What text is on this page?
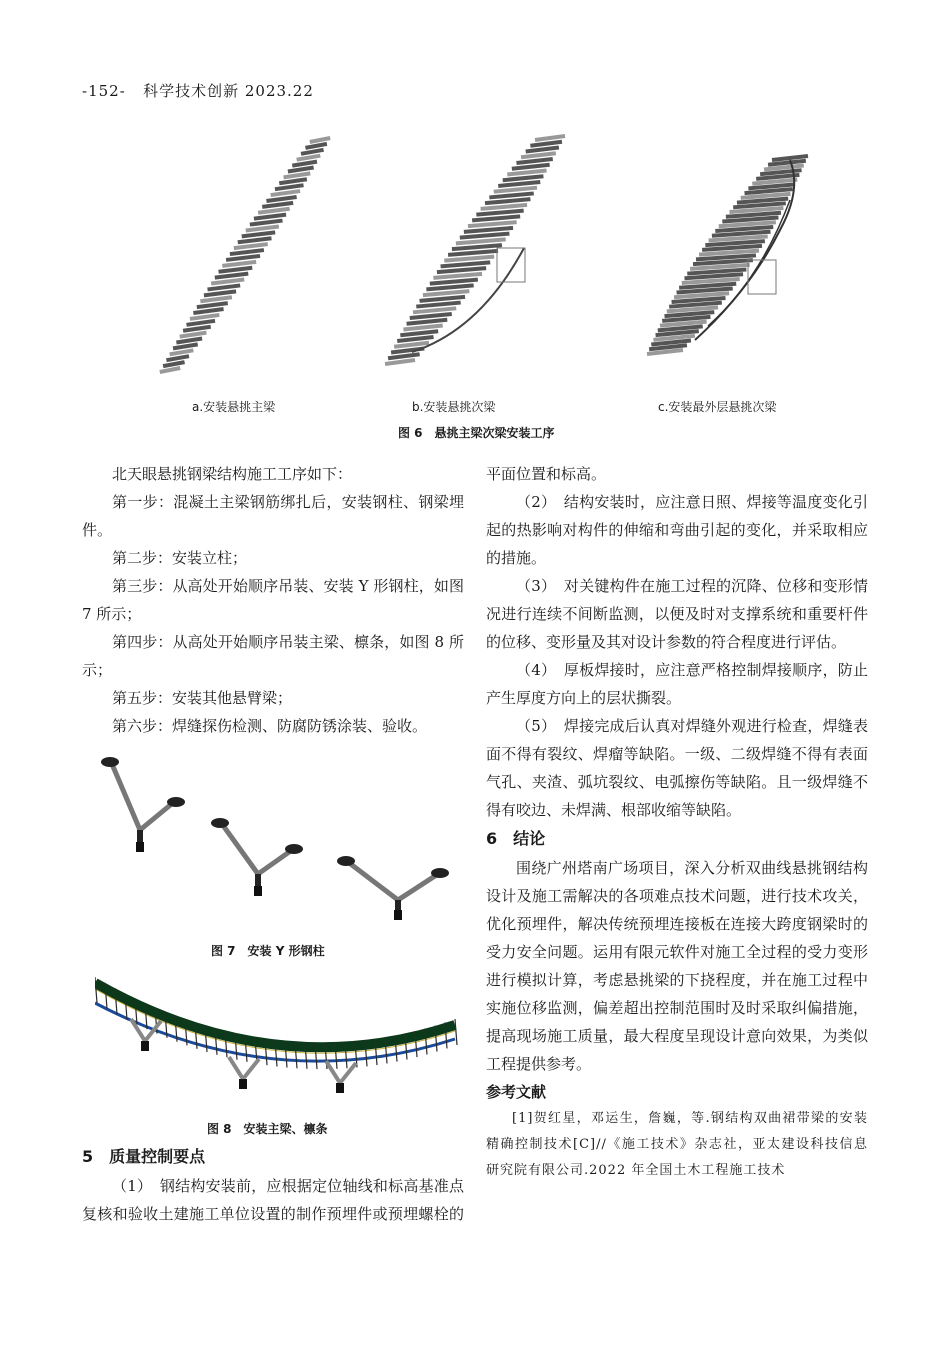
-152- 科学技术创新 2023.22
a.安装悬挑主梁	b.安装悬挑次梁	c.安装最外层悬挑次梁
图 6　悬挑主梁次梁安装工序

北天眼悬挑钢梁结构施工工序如下：

第一步：混凝土主梁钢筋绑扎后，安装钢柱、钢梁埋件。

第二步：安装立柱；

第三步：从高处开始顺序吊装、安装 Y 形钢柱，如图 7 所示；

第四步：从高处开始顺序吊装主梁、檩条，如图 8 所示；

第五步：安装其他悬臂梁；

第六步：焊缝探伤检测、防腐防锈涂装、验收。

图 7　安装 Y 形钢柱
图 8　安装主梁、檩条
5　质量控制要点

（1）　钢结构安装前，应根据定位轴线和标高基准点复核和验收土建施工单位设置的制作预埋件或预埋螺栓的

　平面位置和标高。

（2）　结构安装时，应注意日照、焊接等温度变化引起的热影响对构件的伸缩和弯曲引起的变化，并采取相应的措施。

（3）　对关键构件在施工过程的沉降、位移和变形情况进行连续不间断监测，以便及时对支撑系统和重要杆件的位移、变形量及其对设计参数的符合程度进行评估。

（4）　厚板焊接时，应注意严格控制焊接顺序，防止产生厚度方向上的层状撕裂。

（5）　焊接完成后认真对焊缝外观进行检查，焊缝表面不得有裂纹、焊瘤等缺陷。一级、二级焊缝不得有表面气孔、夹渣、弧坑裂纹、电弧擦伤等缺陷。且一级焊缝不得有咬边、未焊满、根部收缩等缺陷。

6　结论

围绕广州塔南广场项目，深入分析双曲线悬挑钢结构设计及施工需解决的各项难点技术问题，进行技术攻关，优化预埋件，解决传统预埋连接板在连接大跨度钢梁时的受力安全问题。运用有限元软件对施工全过程的受力变形进行模拟计算，考虑悬挑梁的下挠程度，并在施工过程中实施位移监测，偏差超出控制范围时及时采取纠偏措施，提高现场施工质量，最大程度呈现设计意向效果，为类似工程提供参考。

参考文献

[1]贺红星，邓运生，詹巍，等.钢结构双曲裙带梁的安装精确控制技术[C]//《施工技术》杂志社，亚太建设科技信息研究院有限公司.2022 年全国土木工程施工技术
